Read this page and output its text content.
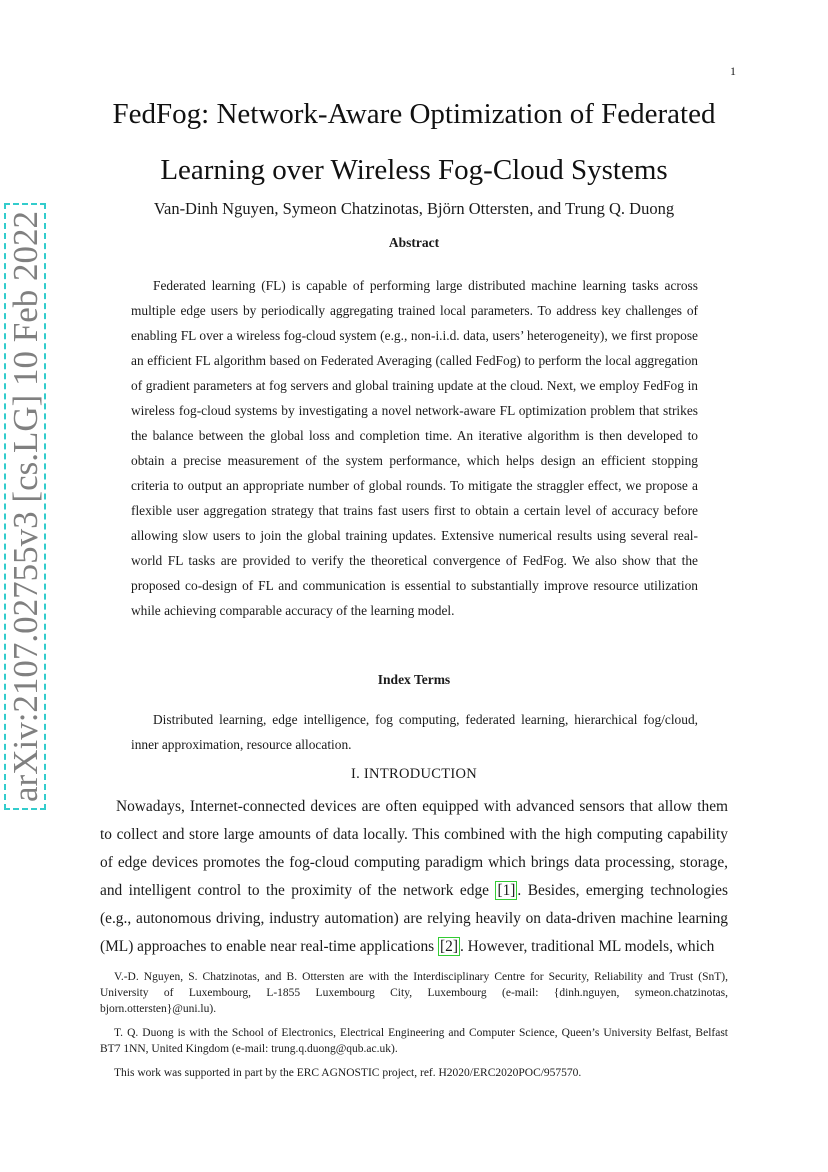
1
arXiv:2107.02755v3 [cs.LG] 10 Feb 2022
FedFog: Network-Aware Optimization of Federated Learning over Wireless Fog-Cloud Systems
Van-Dinh Nguyen, Symeon Chatzinotas, Björn Ottersten, and Trung Q. Duong
Abstract
Federated learning (FL) is capable of performing large distributed machine learning tasks across multiple edge users by periodically aggregating trained local parameters. To address key challenges of enabling FL over a wireless fog-cloud system (e.g., non-i.i.d. data, users’ heterogeneity), we first propose an efficient FL algorithm based on Federated Averaging (called FedFog) to perform the local aggregation of gradient parameters at fog servers and global training update at the cloud. Next, we employ FedFog in wireless fog-cloud systems by investigating a novel network-aware FL optimization problem that strikes the balance between the global loss and completion time. An iterative algorithm is then developed to obtain a precise measurement of the system performance, which helps design an efficient stopping criteria to output an appropriate number of global rounds. To mitigate the straggler effect, we propose a flexible user aggregation strategy that trains fast users first to obtain a certain level of accuracy before allowing slow users to join the global training updates. Extensive numerical results using several real-world FL tasks are provided to verify the theoretical convergence of FedFog. We also show that the proposed co-design of FL and communication is essential to substantially improve resource utilization while achieving comparable accuracy of the learning model.
Index Terms
Distributed learning, edge intelligence, fog computing, federated learning, hierarchical fog/cloud, inner approximation, resource allocation.
I. INTRODUCTION
Nowadays, Internet-connected devices are often equipped with advanced sensors that allow them to collect and store large amounts of data locally. This combined with the high computing capability of edge devices promotes the fog-cloud computing paradigm which brings data processing, storage, and intelligent control to the proximity of the network edge [1] . Besides, emerging technologies (e.g., autonomous driving, industry automation) are relying heavily on data-driven machine learning (ML) approaches to enable near real-time applications [2] . However, traditional ML models, which

V.-D. Nguyen, S. Chatzinotas, and B. Ottersten are with the Interdisciplinary Centre for Security, Reliability and Trust (SnT), University of Luxembourg, L-1855 Luxembourg City, Luxembourg (e-mail: {dinh.nguyen, symeon.chatzinotas, bjorn.ottersten}@uni.lu).

T. Q. Duong is with the School of Electronics, Electrical Engineering and Computer Science, Queen’s University Belfast, Belfast BT7 1NN, United Kingdom (e-mail: trung.q.duong@qub.ac.uk).

This work was supported in part by the ERC AGNOSTIC project, ref. H2020/ERC2020POC/957570.
